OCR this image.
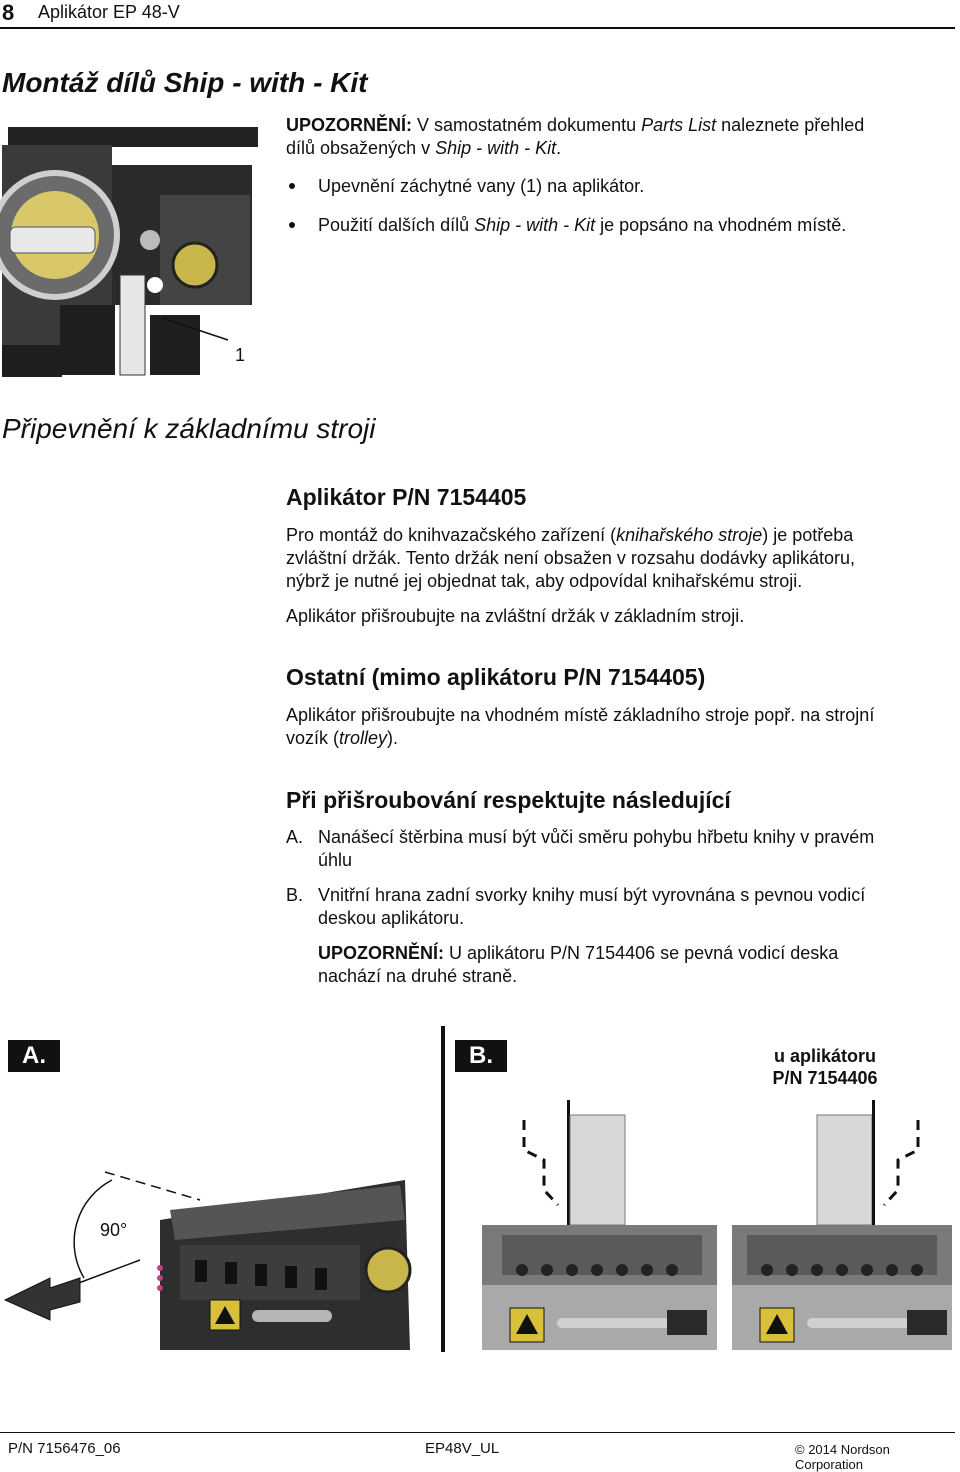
8 Aplikátor EP 48-V
Montáž dílů Ship - with - Kit
1
UPOZORNĚNÍ: V samostatném dokumentu Parts List naleznete přehled
dílů obsažených v Ship - with - Kit.
Upevnění záchytné vany (1) na aplikátor.
Použití dalších dílů Ship - with - Kit je popsáno na vhodném místě.
Připevnění k základnímu stroji
Aplikátor P/N 7154405
Pro montáž do knihvazačského zařízení (knihařského stroje) je potřeba
zvláštní držák. Tento držák není obsažen v rozsahu dodávky aplikátoru,
nýbrž je nutné jej objednat tak, aby odpovídal knihařskému stroji.
Aplikátor přišroubujte na zvláštní držák v základním stroji.
Ostatní (mimo aplikátoru P/N 7154405)
Aplikátor přišroubujte na vhodném místě základního stroje popř. na strojní
vozík (trolley).
Při přišroubování respektujte následující
A. Nanášecí štěrbina musí být vůči směru pohybu hřbetu knihy v pravém
úhlu
B. Vnitřní hrana zadní svorky knihy musí být vyrovnána s pevnou vodicí
deskou aplikátoru.
UPOZORNĚNÍ: U aplikátoru P/N 7154406 se pevná vodicí deska
nachází na druhé straně.
A.	B.	u aplikátoru
P/N 7154406
90°
P/N 7156476_06	EP48V_UL	© 2014 Nordson Corporation
